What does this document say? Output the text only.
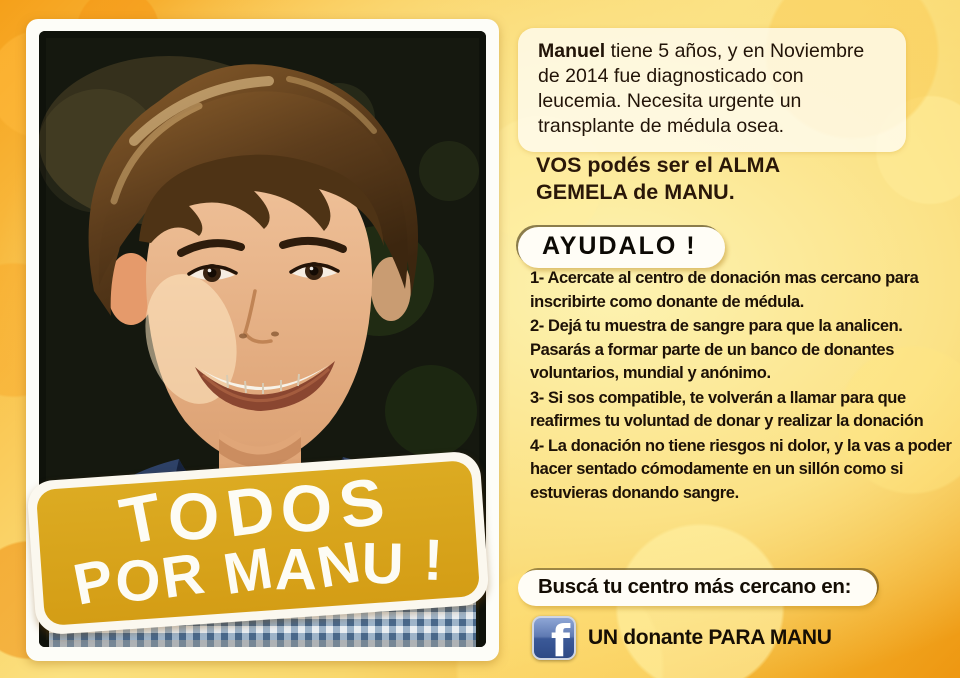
TODOS
POR MANU !
Manuel tiene 5 años, y en Noviembre de 2014 fue diagnosticado con leucemia. Necesita urgente un transplante de médula osea.
VOS podés ser el ALMA
GEMELA de MANU.
AYUDALO !
1- Acercate al centro de donación mas cercano para inscribirte como donante de médula.
2- Dejá tu muestra de sangre para que la analicen. Pasarás a formar parte de un banco de donantes voluntarios, mundial y anónimo.
3- Si sos compatible, te volverán a llamar para que reafirmes tu voluntad de donar y realizar la donación
4- La donación no tiene riesgos ni dolor, y la vas a poder hacer sentado cómodamente en un sillón como si estuvieras donando sangre.
Buscá tu centro más cercano en:
f UN donante PARA MANU
